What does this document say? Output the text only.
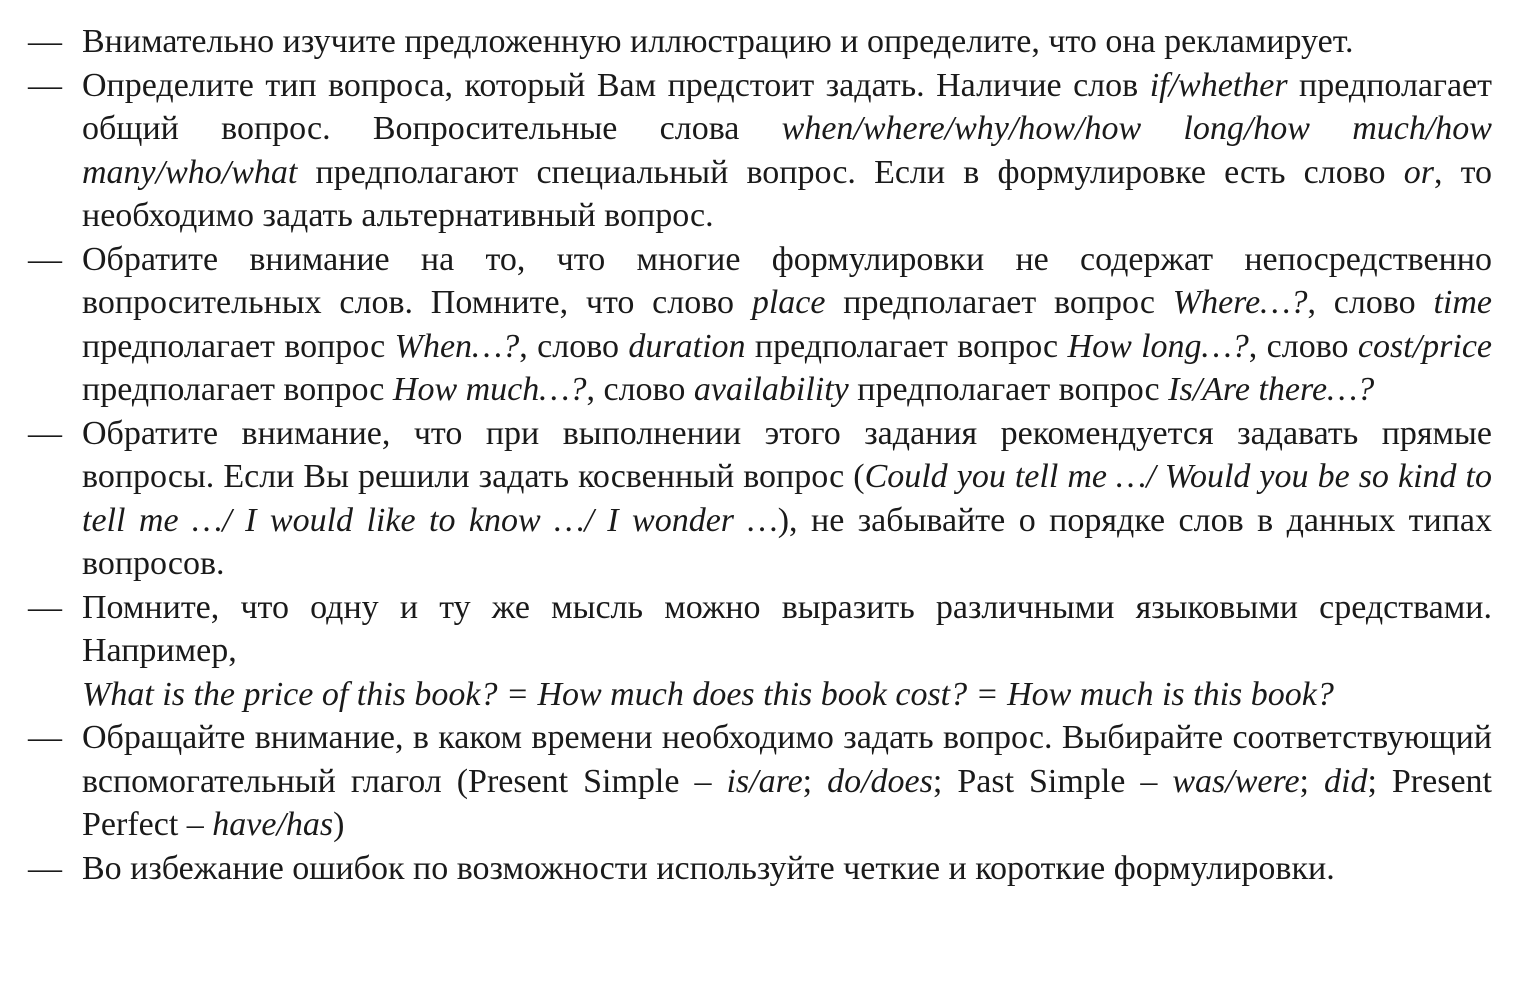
— Внимательно изучите предложенную иллюстрацию и определите, что она рекламирует.
— Определите тип вопроса, который Вам предстоит задать. Наличие слов if/whether предполагает общий вопрос. Вопросительные слова when/where/why/how/how long/how much/how many/who/what предполагают специальный вопрос. Если в формулировке есть слово or, то необходимо задать альтернативный вопрос.
— Обратите внимание на то, что многие формулировки не содержат непосредственно вопросительных слов. Помните, что слово place предполагает вопрос Where…?, слово time предполагает вопрос When…?, слово duration предполагает вопрос How long…?, слово cost/price предполагает вопрос How much…?, слово availability предполагает вопрос Is/Are there…?
— Обратите внимание, что при выполнении этого задания рекомендуется задавать прямые вопросы. Если Вы решили задать косвенный вопрос (Could you tell me …/ Would you be so kind to tell me …/ I would like to know …/ I wonder …), не забывайте о порядке слов в данных типах вопросов.
— Помните, что одну и ту же мысль можно выразить различными языковыми средствами. Например,
What is the price of this book? = How much does this book cost? = How much is this book?
— Обращайте внимание, в каком времени необходимо задать вопрос. Выбирайте соответствующий вспомогательный глагол (Present Simple – is/are; do/does; Past Simple – was/were; did; Present Perfect – have/has)
— Во избежание ошибок по возможности используйте четкие и короткие формулировки.
